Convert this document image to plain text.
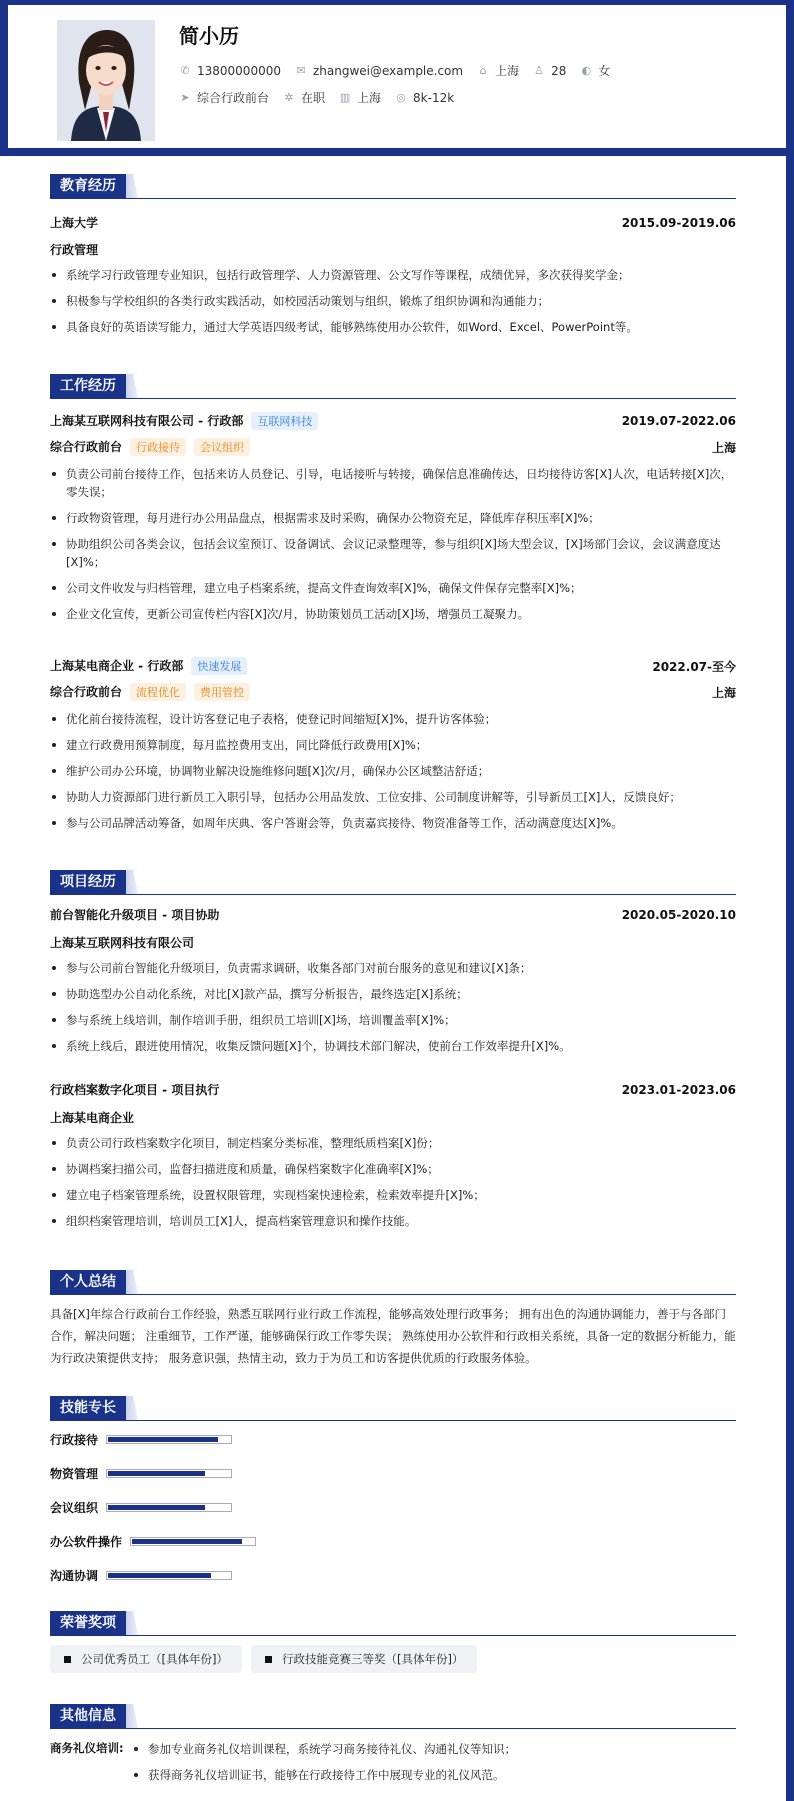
简小历
✆ 13800000000 ✉ zhangwei@example.com ⌂ 上海 ♙ 28 ◐ 女
➤ 综合行政前台 ✲ 在职 ▥ 上海 ◎ 8k-12k
教育经历
上海大学	2015.09-2019.06
行政管理
系统学习行政管理专业知识，包括行政管理学、人力资源管理、公文写作等课程，成绩优异，多次获得奖学金；
积极参与学校组织的各类行政实践活动，如校园活动策划与组织，锻炼了组织协调和沟通能力；
具备良好的英语读写能力，通过大学英语四级考试，能够熟练使用办公软件，如Word、Excel、PowerPoint等。
工作经历
上海某互联网科技有限公司 - 行政部 互联网科技	2019.07-2022.06
综合行政前台 行政接待 会议组织	上海
负责公司前台接待工作，包括来访人员登记、引导，电话接听与转接，确保信息准确传达，日均接待访客[X]人次，电话转接[X]次，零失误；
行政物资管理，每月进行办公用品盘点，根据需求及时采购，确保办公物资充足，降低库存积压率[X]%；
协助组织公司各类会议，包括会议室预订、设备调试、会议记录整理等，参与组织[X]场大型会议，[X]场部门会议，会议满意度达[X]%；
公司文件收发与归档管理，建立电子档案系统，提高文件查询效率[X]%，确保文件保存完整率[X]%；
企业文化宣传，更新公司宣传栏内容[X]次/月，协助策划员工活动[X]场，增强员工凝聚力。
上海某电商企业 - 行政部 快速发展	2022.07-至今
综合行政前台 流程优化 费用管控	上海
优化前台接待流程，设计访客登记电子表格，使登记时间缩短[X]%，提升访客体验；
建立行政费用预算制度，每月监控费用支出，同比降低行政费用[X]%；
维护公司办公环境，协调物业解决设施维修问题[X]次/月，确保办公区域整洁舒适；
协助人力资源部门进行新员工入职引导，包括办公用品发放、工位安排、公司制度讲解等，引导新员工[X]人，反馈良好；
参与公司品牌活动筹备，如周年庆典、客户答谢会等，负责嘉宾接待、物资准备等工作，活动满意度达[X]%。
项目经历
前台智能化升级项目 - 项目协助	2020.05-2020.10
上海某互联网科技有限公司
参与公司前台智能化升级项目，负责需求调研，收集各部门对前台服务的意见和建议[X]条；
协助选型办公自动化系统，对比[X]款产品，撰写分析报告，最终选定[X]系统；
参与系统上线培训，制作培训手册，组织员工培训[X]场，培训覆盖率[X]%；
系统上线后，跟进使用情况，收集反馈问题[X]个，协调技术部门解决，使前台工作效率提升[X]%。
行政档案数字化项目 - 项目执行	2023.01-2023.06
上海某电商企业
负责公司行政档案数字化项目，制定档案分类标准，整理纸质档案[X]份；
协调档案扫描公司，监督扫描进度和质量，确保档案数字化准确率[X]%；
建立电子档案管理系统，设置权限管理，实现档案快速检索，检索效率提升[X]%；
组织档案管理培训，培训员工[X]人，提高档案管理意识和操作技能。
个人总结
具备[X]年综合行政前台工作经验，熟悉互联网行业行政工作流程，能够高效处理行政事务； 拥有出色的沟通协调能力，善于与各部门合作，解决问题； 注重细节，工作严谨，能够确保行政工作零失误； 熟练使用办公软件和行政相关系统，具备一定的数据分析能力，能为行政决策提供支持； 服务意识强，热情主动，致力于为员工和访客提供优质的行政服务体验。
技能专长
行政接待
物资管理
会议组织
办公软件操作
沟通协调
荣誉奖项
公司优秀员工（[具体年份]）	行政技能竞赛三等奖（[具体年份]）
其他信息
商务礼仪培训:	参加专业商务礼仪培训课程，系统学习商务接待礼仪、沟通礼仪等知识；
获得商务礼仪培训证书，能够在行政接待工作中展现专业的礼仪风范。
